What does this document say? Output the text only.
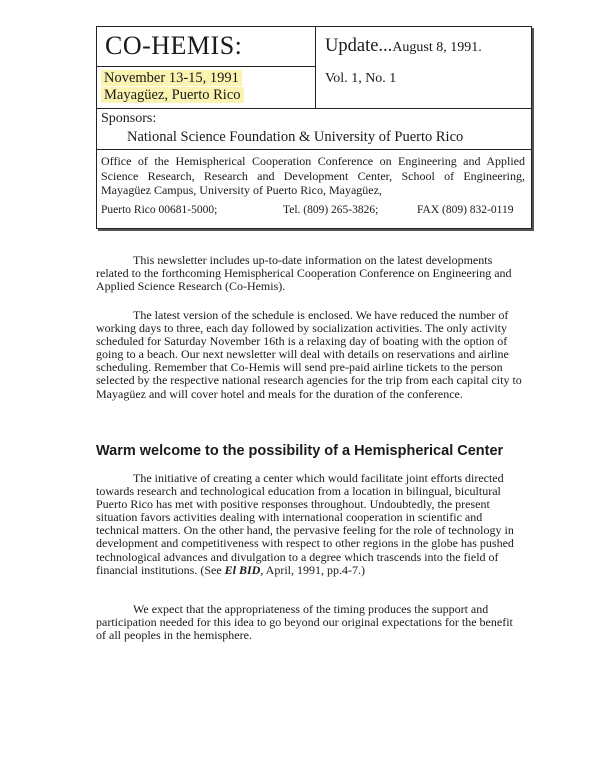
CO-HEMIS:
November 13-15, 1991
Mayagüez, Puerto Rico
Update...August 8, 1991.
Vol. 1, No. 1
Sponsors:
National Science Foundation & University of Puerto Rico
Office of the Hemispherical Cooperation Conference on Engineering and Applied Science Research, Research and Development Center, School of Engineering, Mayagüez Campus, University of Puerto Rico, Mayagüez,
Puerto Rico 00681-5000;	Tel. (809) 265-3826;	FAX (809) 832-0119

This newsletter includes up-to-date information on the latest developments related to the forthcoming Hemispherical Cooperation Conference on Engineering and Applied Science Research (Co-Hemis).

The latest version of the schedule is enclosed. We have reduced the number of working days to three, each day followed by socialization activities. The only activity scheduled for Saturday November 16th is a relaxing day of boating with the option of going to a beach. Our next newsletter will deal with details on reservations and airline scheduling. Remember that Co-Hemis will send pre-paid airline tickets to the person selected by the respective national research agencies for the trip from each capital city to Mayagüez and will cover hotel and meals for the duration of the conference.

Warm welcome to the possibility of a Hemispherical Center

The initiative of creating a center which would facilitate joint efforts directed towards research and technological education from a location in bilingual, bicultural Puerto Rico has met with positive responses throughout. Undoubtedly, the present situation favors activities dealing with international cooperation in scientific and technical matters. On the other hand, the pervasive feeling for the role of technology in development and competitiveness with respect to other regions in the globe has pushed technological advances and divulgation to a degree which trascends into the field of financial institutions. (See El BID, April, 1991, pp.4-7.)

We expect that the appropriateness of the timing produces the support and participation needed for this idea to go beyond our original expectations for the benefit of all peoples in the hemisphere.
